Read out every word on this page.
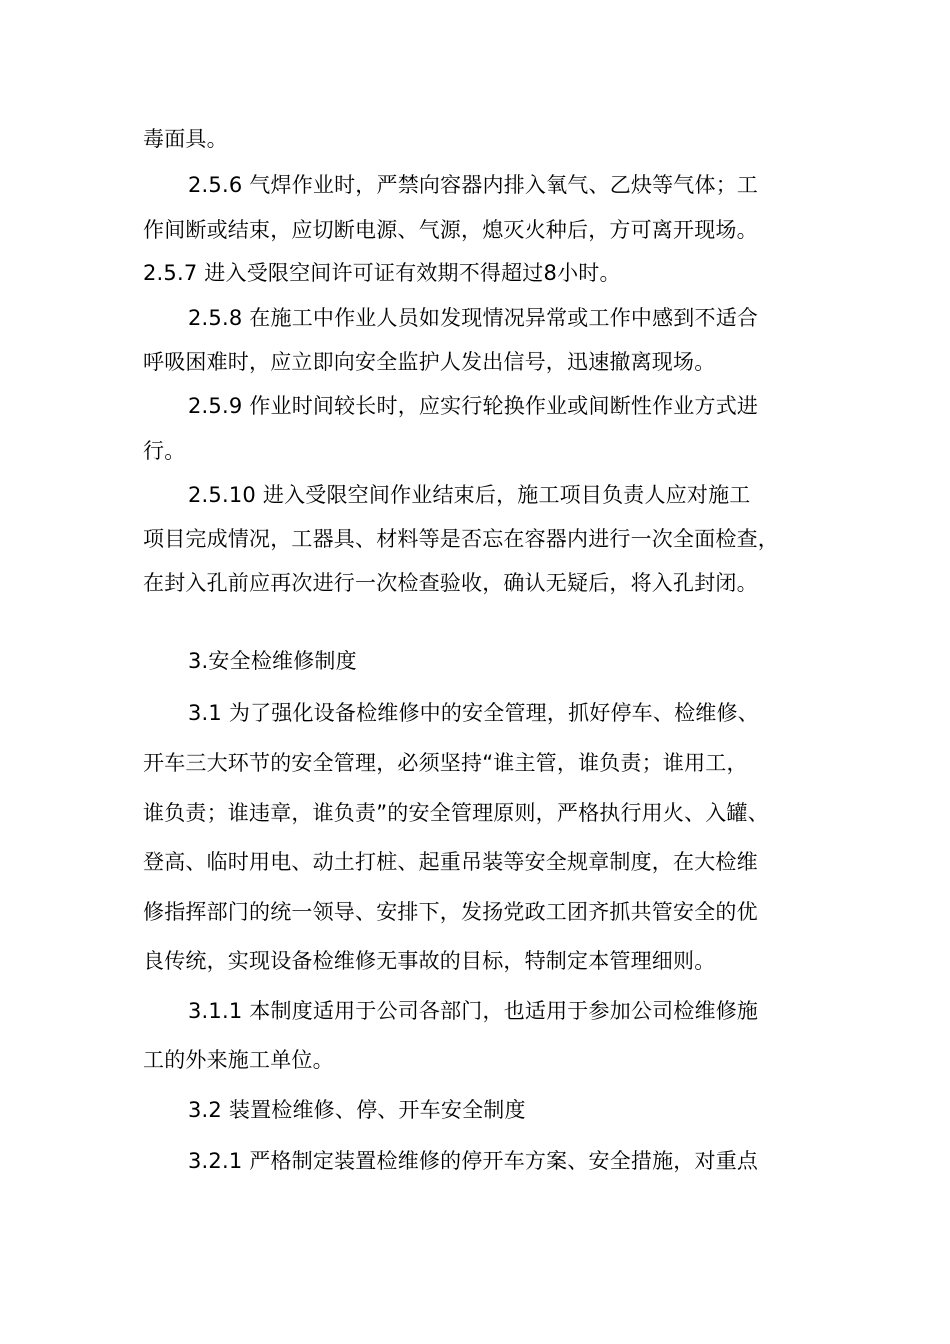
毒面具。
2.5.6 气焊作业时，严禁向容器内排入氧气、乙炔等气体；工
作间断或结束，应切断电源、气源，熄灭火种后，方可离开现场。
2.5.7 进入受限空间许可证有效期不得超过8小时。
2.5.8 在施工中作业人员如发现情况异常或工作中感到不适合
呼吸困难时，应立即向安全监护人发出信号，迅速撤离现场。
2.5.9 作业时间较长时，应实行轮换作业或间断性作业方式进
行。
2.5.10 进入受限空间作业结束后，施工项目负责人应对施工
项目完成情况，工器具、材料等是否忘在容器内进行一次全面检查，
在封入孔前应再次进行一次检查验收，确认无疑后，将入孔封闭。
3.安全检维修制度
3.1 为了强化设备检维修中的安全管理，抓好停车、检维修、
开车三大环节的安全管理，必须坚持“谁主管，谁负责；谁用工，
谁负责；谁违章，谁负责”的安全管理原则，严格执行用火、入罐、
登高、临时用电、动土打桩、起重吊装等安全规章制度，在大检维
修指挥部门的统一领导、安排下，发扬党政工团齐抓共管安全的优
良传统，实现设备检维修无事故的目标，特制定本管理细则。
3.1.1 本制度适用于公司各部门，也适用于参加公司检维修施
工的外来施工单位。
3.2 装置检维修、停、开车安全制度
3.2.1 严格制定装置检维修的停开车方案、安全措施，对重点
